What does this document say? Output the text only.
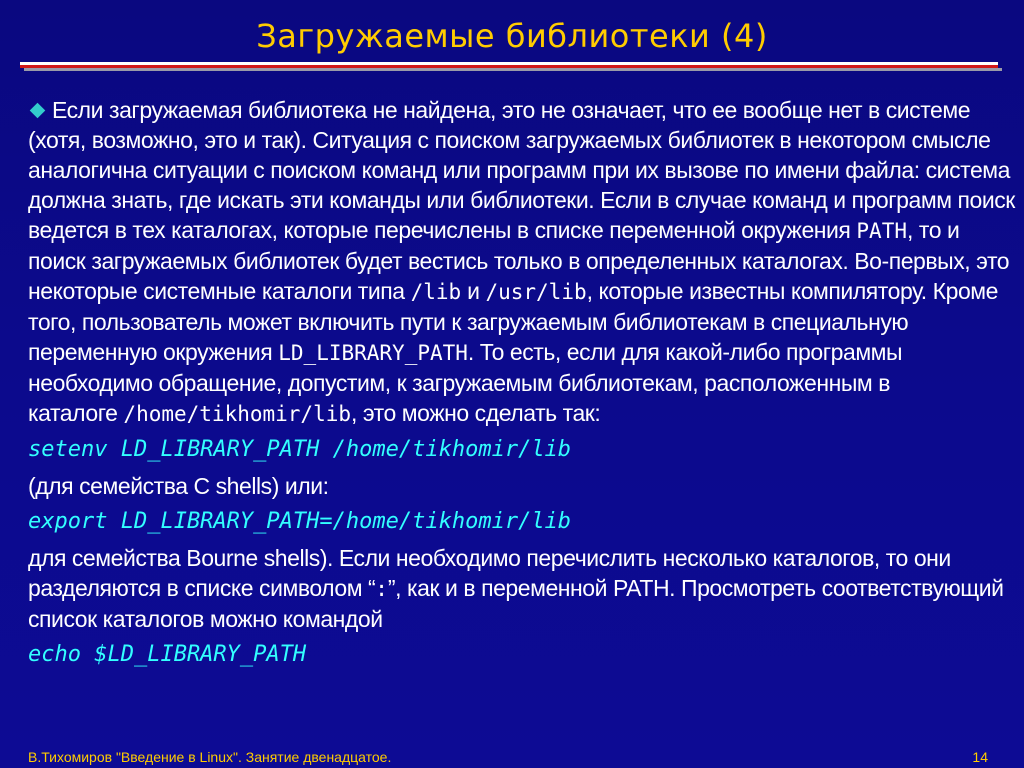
Загружаемые библиотеки (4)

Если загружаемая библиотека не найдена, это не означает, что ее вообще нет в системе (хотя, возможно, это и так). Ситуация с поиском загружаемых библиотек в некотором смысле аналогична ситуации с поиском команд или программ при их вызове по имени файла: система должна знать, где искать эти команды или библиотеки. Если в случае команд и программ поиск ведется в тех каталогах, которые перечислены в списке переменной окружения PATH, то и поиск загружаемых библиотек будет вестись только в определенных каталогах. Во-первых, это некоторые системные каталоги типа /lib и /usr/lib, которые известны компилятору. Кроме того, пользователь может включить пути к загружаемым библиотекам в специальную переменную окружения LD_LIBRARY_PATH. То есть, если для какой-либо программы необходимо обращение, допустим, к загружаемым библиотекам, расположенным в каталоге /home/tikhomir/lib, это можно сделать так:

setenv LD_LIBRARY_PATH /home/tikhomir/lib

(для семейства C shells) или:

export LD_LIBRARY_PATH=/home/tikhomir/lib

для семейства Bourne shells). Если необходимо перечислить несколько каталогов, то они разделяются в списке символом “:”, как и в переменной PATH. Просмотреть соответствующий список каталогов можно командой

echo $LD_LIBRARY_PATH

В.Тихомиров "Введение в Linux". Занятие двенадцатое.	14
